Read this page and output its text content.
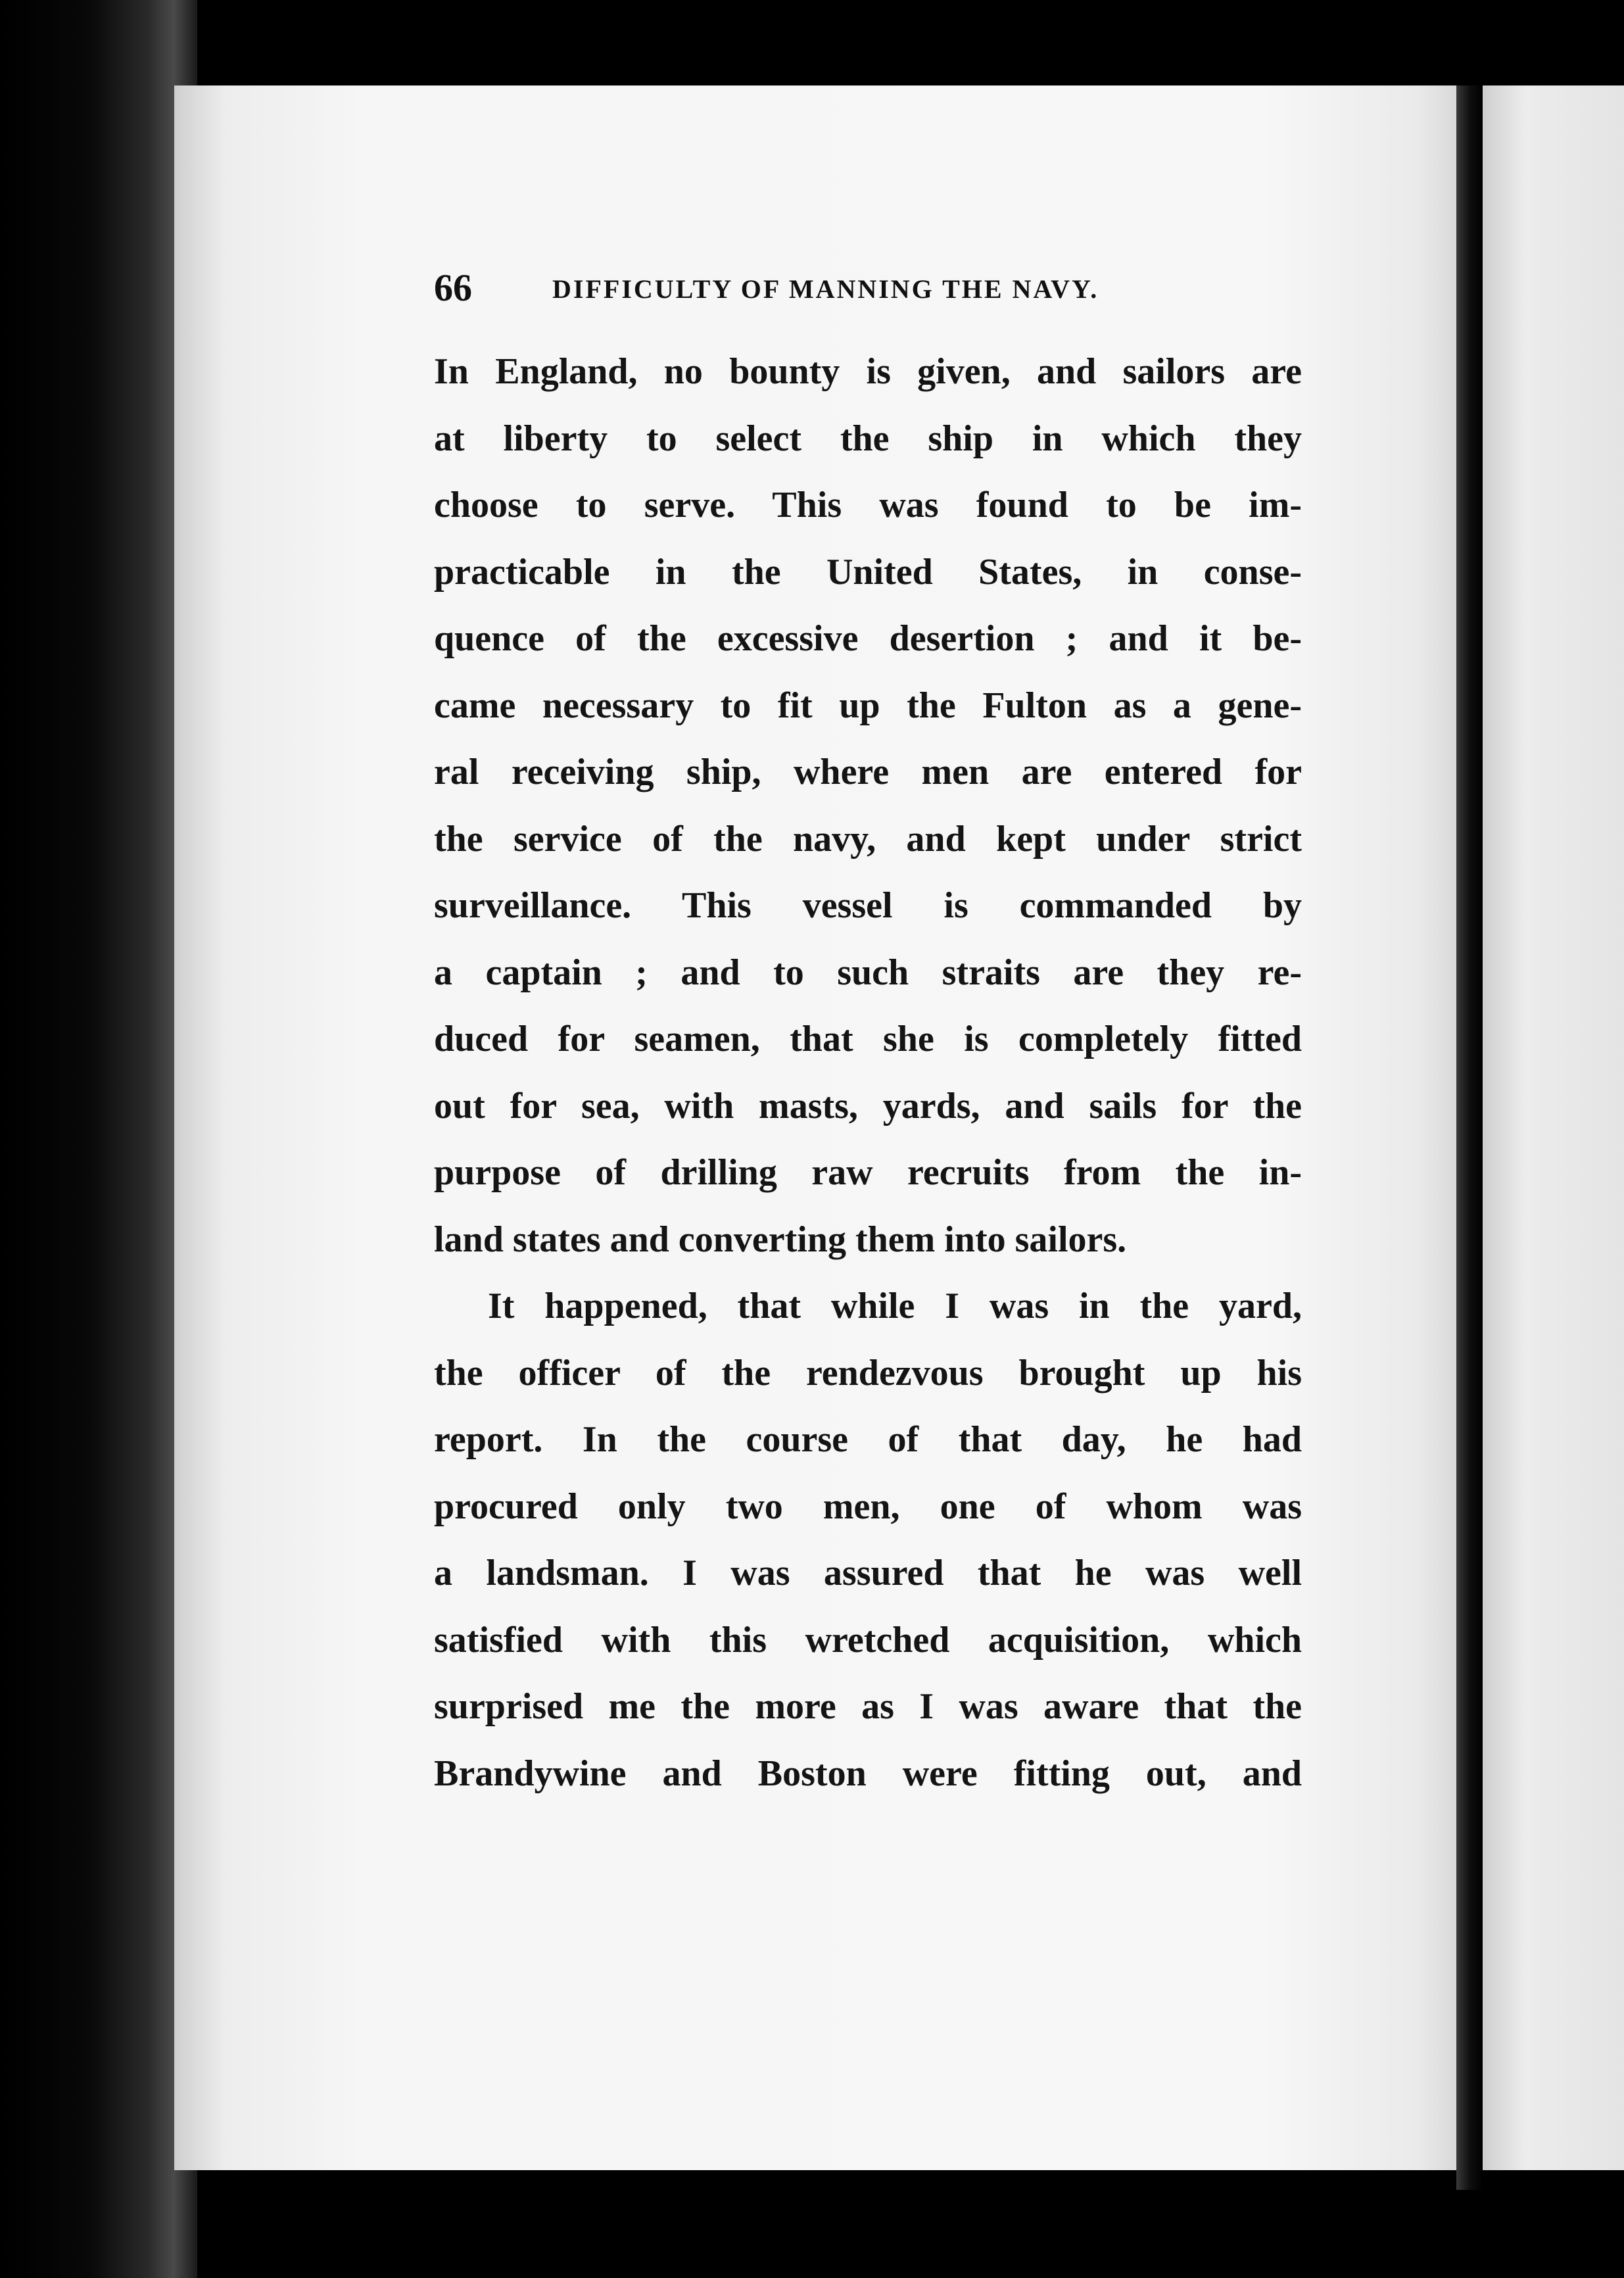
66	DIFFICULTY OF MANNING THE NAVY.
In England, no bounty is given, and sailors are
at liberty to select the ship in which they
choose to serve. This was found to be im-
practicable in the United States, in conse-
quence of the excessive desertion ; and it be-
came necessary to fit up the Fulton as a gene-
ral receiving ship, where men are entered for
the service of the navy, and kept under strict
surveillance. This vessel is commanded by
a captain ; and to such straits are they re-
duced for seamen, that she is completely fitted
out for sea, with masts, yards, and sails for the
purpose of drilling raw recruits from the in-
land states and converting them into sailors.
It happened, that while I was in the yard,
the officer of the rendezvous brought up his
report. In the course of that day, he had
procured only two men, one of whom was
a landsman. I was assured that he was well
satisfied with this wretched acquisition, which
surprised me the more as I was aware that the
Brandywine and Boston were fitting out, and
